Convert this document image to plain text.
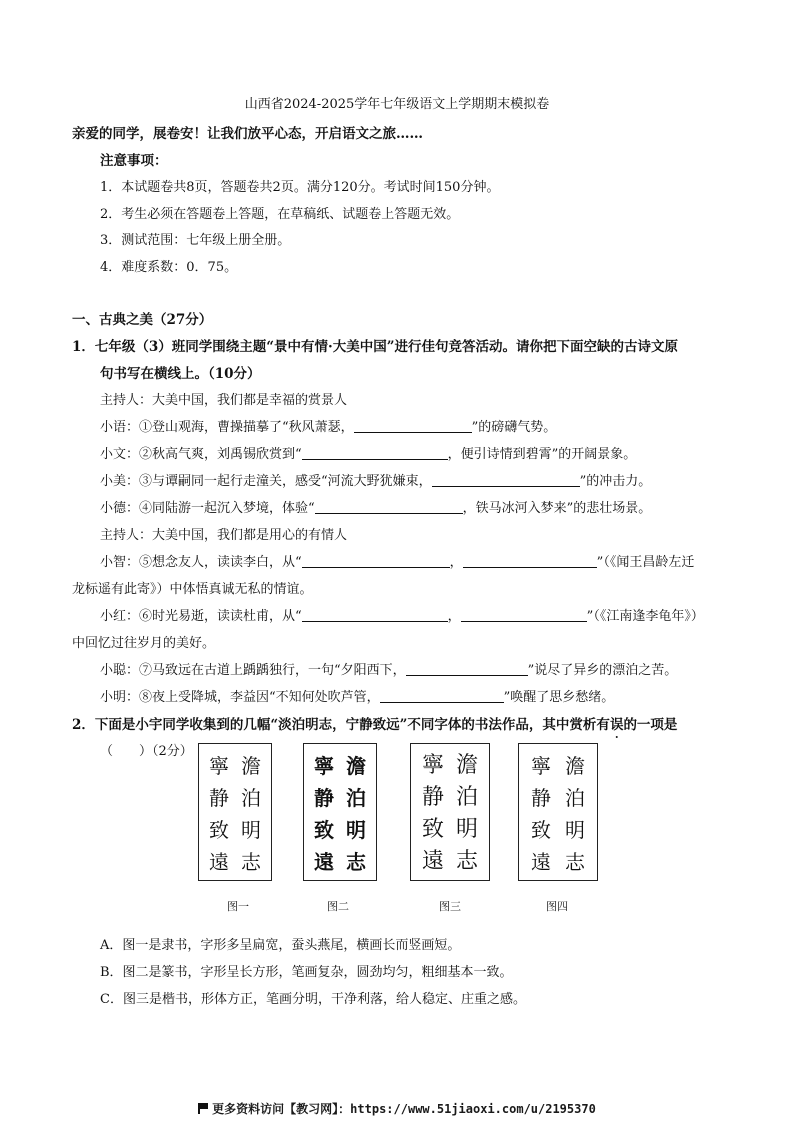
山西省2024-2025学年七年级语文上学期期末模拟卷
亲爱的同学，展卷安！让我们放平心态，开启语文之旅……
注意事项：
1．本试题卷共8页，答题卷共2页。满分120分。考试时间150分钟。
2．考生必须在答题卷上答题，在草稿纸、试题卷上答题无效。
3．测试范围：七年级上册全册。
4．难度系数：0．75。
一、古典之美（27分）
1．七年级（3）班同学围绕主题“景中有情·大美中国”进行佳句竞答活动。请你把下面空缺的古诗文原
句书写在横线上。（10分）
主持人：大美中国，我们都是幸福的赏景人
小语：①登山观海，曹操描摹了“秋风萧瑟，	”的磅礴气势。
小文：②秋高气爽，刘禹锡欣赏到“	，便引诗情到碧霄”的开阔景象。
小美：③与谭嗣同一起行走潼关，感受“河流大野犹嫌束，	”的冲击力。
小德：④同陆游一起沉入梦境，体验“	，铁马冰河入梦来”的悲壮场景。
主持人：大美中国，我们都是用心的有情人
小智：⑤想念友人，读读李白，从“	，	”（《闻王昌龄左迁
龙标遥有此寄》）中体悟真诚无私的情谊。
小红：⑥时光易逝，读读杜甫，从“	，	”（《江南逢李龟年》）
中回忆过往岁月的美好。
小聪：⑦马致远在古道上踽踽独行，一句“夕阳西下，	”说尽了异乡的漂泊之苦。
小明：⑧夜上受降城，李益因“不知何处吹芦管，	”唤醒了思乡愁绪。
2．下面是小宇同学收集到的几幅“淡泊明志，宁静致远”不同字体的书法作品，其中赏析有误的一项是
（　　）（2分）
澹
泊
明
志
寧
静
致
遠
澹
泊
明
志
寧
静
致
遠
澹
泊
明
志
寧
静
致
遠
澹
泊
明
志
寧
静
致
遠
图一	图二	图三	图四
A．图一是隶书，字形多呈扁宽，蚕头燕尾，横画长而竖画短。
B．图二是篆书，字形呈长方形，笔画复杂，圆劲均匀，粗细基本一致。
C．图三是楷书，形体方正，笔画分明，干净利落，给人稳定、庄重之感。
更多资料访问【教习网】：https://www.51jiaoxi.com/u/2195370
